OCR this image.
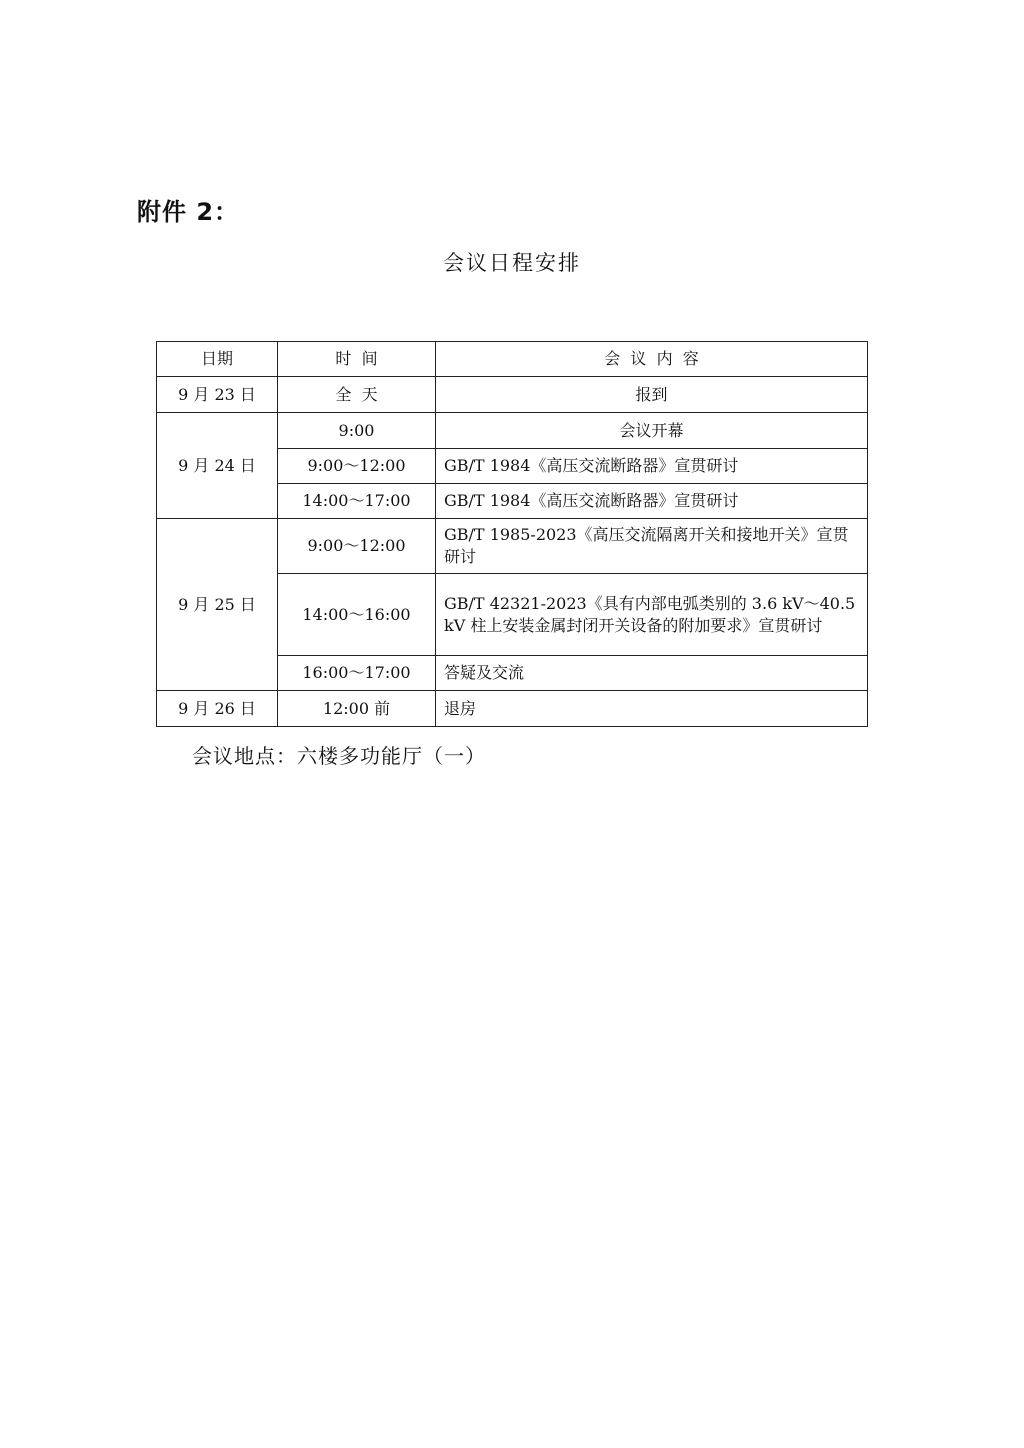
附件 2：
会议日程安排
日期	时  间	会  议  内  容
9 月 23 日	全  天	报到
9 月 24 日	9:00	会议开幕
	9:00～12:00	GB/T 1984《高压交流断路器》宣贯研讨
	14:00～17:00	GB/T 1984《高压交流断路器》宣贯研讨
9 月 25 日	9:00～12:00	GB/T 1985-2023《高压交流隔离开关和接地开关》宣贯研讨
	14:00～16:00	GB/T 42321-2023《具有内部电弧类别的 3.6 kV～40.5 kV 柱上安装金属封闭开关设备的附加要求》宣贯研讨
	16:00～17:00	答疑及交流
9 月 26 日	12:00 前	退房
会议地点：六楼多功能厅（一）
